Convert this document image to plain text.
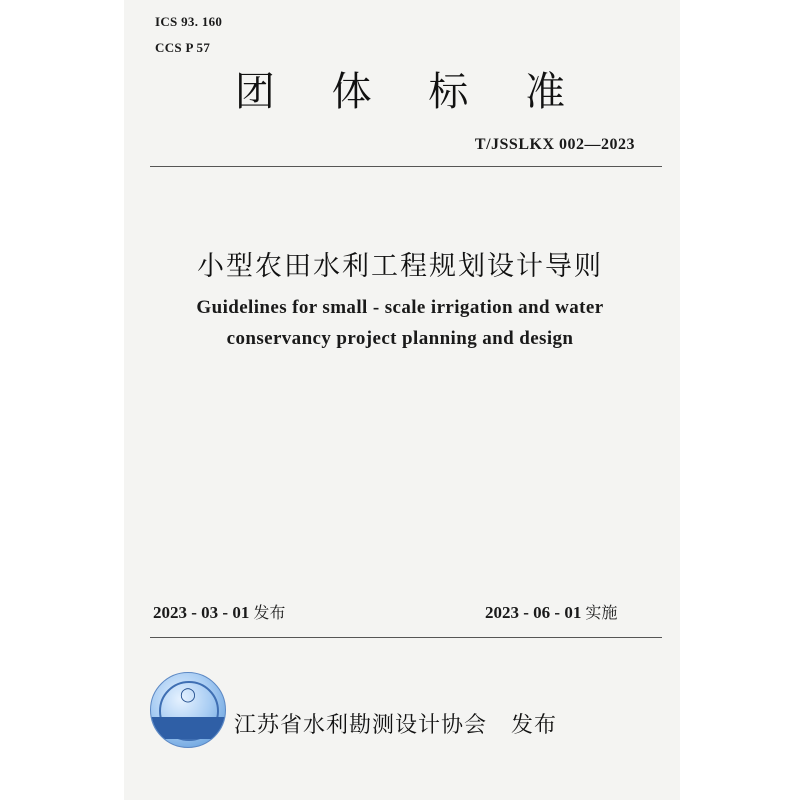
ICS 93. 160
CCS P 57
团 体 标 准
T/JSSLKX 002—2023
小型农田水利工程规划设计导则
Guidelines for small - scale irrigation and water
conservancy project planning and design
2023 - 03 - 01 发布	2023 - 06 - 01 实施
◯
江苏省水利勘测设计协会 发布
